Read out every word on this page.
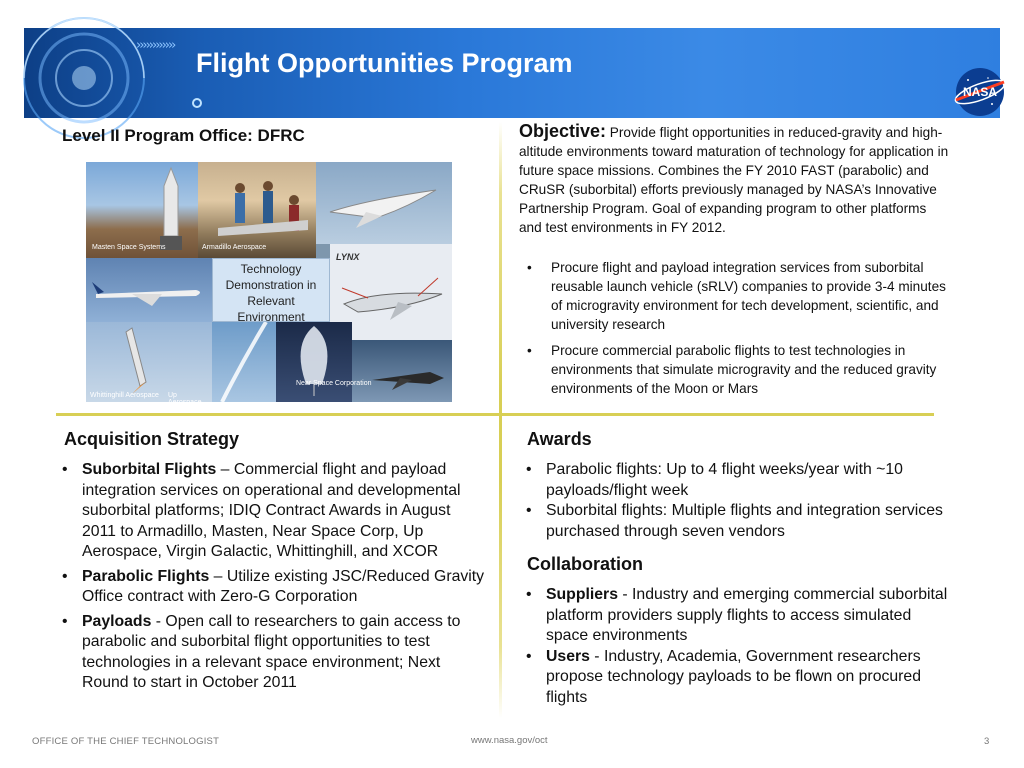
››››››››››››
Flight Opportunities Program
NASA
Level II Program Office: DFRC
Masten Space Systems	Armadillo Aerospace
LYNX
Whittinghill Aerospace Up Aerospace, Inc.
Near Space Corporation
Technology Demonstration in Relevant Environment
Objective: Provide flight opportunities in reduced-gravity and high-altitude environments toward maturation of technology for application in future space missions. Combines the FY 2010 FAST (parabolic) and CRuSR (suborbital) efforts previously managed by NASA’s Innovative Partnership Program. Goal of expanding program to other platforms and test environments in FY 2012.
• Procure flight and payload integration services from suborbital reusable launch vehicle (sRLV) companies to provide 3-4 minutes of microgravity environment for tech development, scientific, and university research
• Procure commercial parabolic flights to test technologies in environments that simulate microgravity and the reduced gravity environments of the Moon or Mars
Acquisition Strategy
• Suborbital Flights – Commercial flight and payload integration services on operational and developmental suborbital platforms; IDIQ Contract Awards in August 2011 to Armadillo, Masten, Near Space Corp, Up Aerospace, Virgin Galactic, Whittinghill, and XCOR
• Parabolic Flights – Utilize existing JSC/Reduced Gravity Office contract with Zero-G Corporation
• Payloads - Open call to researchers to gain access to parabolic and suborbital flight opportunities to test technologies in a relevant space environment; Next Round to start in October 2011
Awards
• Parabolic flights: Up to 4 flight weeks/year with ~10 payloads/flight week
• Suborbital flights: Multiple flights and integration services purchased through seven vendors
Collaboration
• Suppliers - Industry and emerging commercial suborbital platform providers supply flights to access simulated space environments
• Users - Industry, Academia, Government researchers propose technology payloads to be flown on procured flights
OFFICE OF THE CHIEF TECHNOLOGIST	www.nasa.gov/oct	3
